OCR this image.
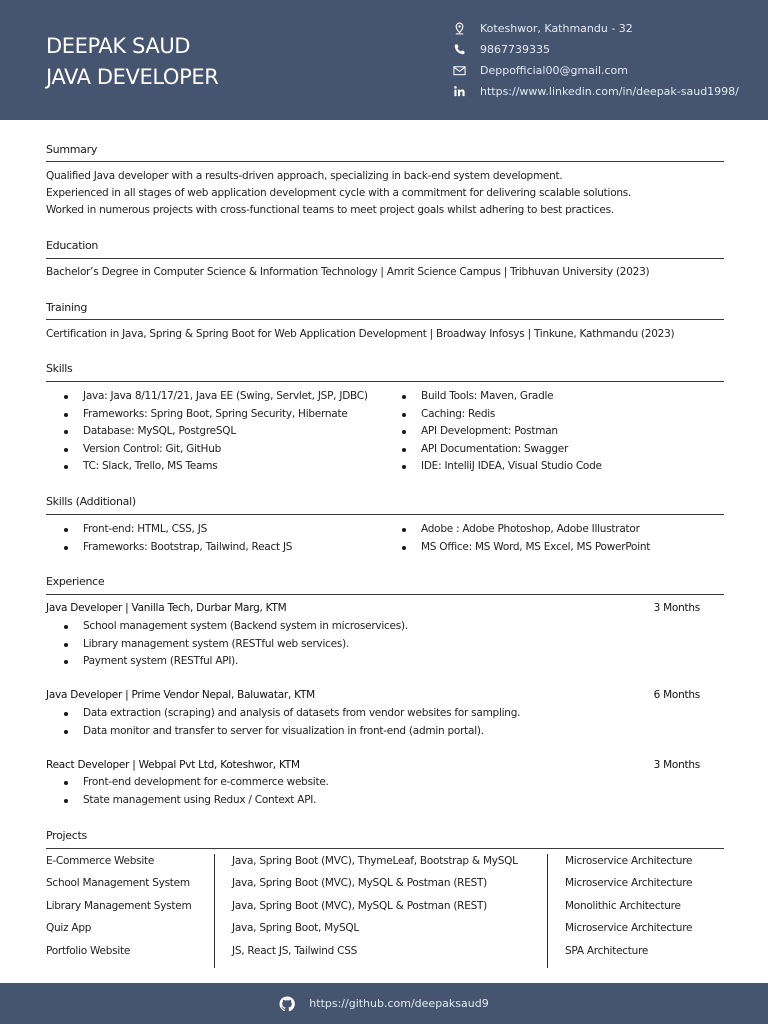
DEEPAK SAUD
JAVA DEVELOPER
Koteshwor, Kathmandu - 32
9867739335
Deppofficial00@gmail.com
https://www.linkedin.com/in/deepak-saud1998/
Summary
Qualified Java developer with a results-driven approach, specializing in back-end system development.
Experienced in all stages of web application development cycle with a commitment for delivering scalable solutions.
Worked in numerous projects with cross-functional teams to meet project goals whilst adhering to best practices.
Education
Bachelor’s Degree in Computer Science & Information Technology | Amrit Science Campus | Tribhuvan University (2023)
Training
Certification in Java, Spring & Spring Boot for Web Application Development | Broadway Infosys | Tinkune, Kathmandu (2023)
Skills
Java: Java 8/11/17/21, Java EE (Swing, Servlet, JSP, JDBC)
Frameworks: Spring Boot, Spring Security, Hibernate
Database: MySQL, PostgreSQL
Version Control: Git, GitHub
TC: Slack, Trello, MS Teams
Build Tools: Maven, Gradle
Caching: Redis
API Development: Postman
API Documentation: Swagger
IDE: IntelliJ IDEA, Visual Studio Code
Skills (Additional)
Front-end: HTML, CSS, JS
Frameworks: Bootstrap, Tailwind, React JS
Adobe : Adobe Photoshop, Adobe Illustrator
MS Office: MS Word, MS Excel, MS PowerPoint
Experience
Java Developer | Vanilla Tech, Durbar Marg, KTM	3 Months
School management system (Backend system in microservices).
Library management system (RESTful web services).
Payment system (RESTful API).
Java Developer | Prime Vendor Nepal, Baluwatar, KTM	6 Months
Data extraction (scraping) and analysis of datasets from vendor websites for sampling.
Data monitor and transfer to server for visualization in front-end (admin portal).
React Developer | Webpal Pvt Ltd, Koteshwor, KTM	3 Months
Front-end development for e-commerce website.
State management using Redux / Context API.
Projects
E-Commerce Website	Java, Spring Boot (MVC), ThymeLeaf, Bootstrap & MySQL	Microservice Architecture
School Management System	Java, Spring Boot (MVC), MySQL & Postman (REST)	Microservice Architecture
Library Management System	Java, Spring Boot (MVC), MySQL & Postman (REST)	Monolithic Architecture
Quiz App	Java, Spring Boot, MySQL	Microservice Architecture
Portfolio Website	JS, React JS, Tailwind CSS	SPA Architecture
https://github.com/deepaksaud9
